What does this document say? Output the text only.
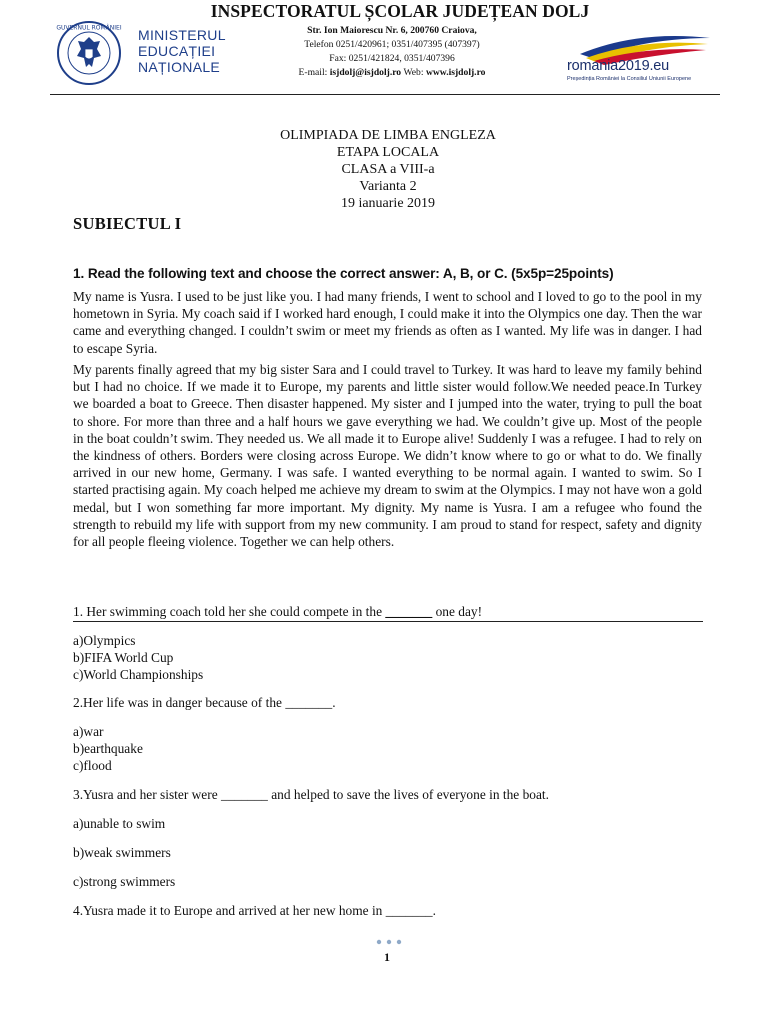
INSPECTORATUL ȘCOLAR JUDEȚEAN DOLJ
GUVERNUL ROMÂNIEI MINISTERUL
EDUCAȚIEI
NAȚIONALE
Str. Ion Maiorescu Nr. 6, 200760 Craiova,
Telefon 0251/420961; 0351/407395 (407397)
Fax: 0251/421824, 0351/407396
E-mail: isjdolj@isjdolj.ro Web: www.isjdolj.ro	romania2019.eu
Președinția României la Consiliul Uniunii Europene
OLIMPIADA DE LIMBA ENGLEZA
ETAPA LOCALA
CLASA a VIII-a
Varianta 2
19 ianuarie 2019
SUBIECTUL I
1. Read the following text and choose the correct answer: A, B, or C. (5x5p=25points)
My name is Yusra. I used to be just like you. I had many friends, I went to school and I loved to go to the pool in my hometown in Syria. My coach said if I worked hard enough, I could make it into the Olympics one day. Then the war came and everything changed. I couldn’t swim or meet my friends as often as I wanted. My life was in danger. I had to escape Syria.
My parents finally agreed that my big sister Sara and I could travel to Turkey. It was hard to leave my family behind but I had no choice. If we made it to Europe, my parents and little sister would follow.We needed peace.In Turkey we boarded a boat to Greece. Then disaster happened. My sister and I jumped into the water, trying to pull the boat to shore. For more than three and a half hours we gave everything we had. We couldn’t give up. Most of the people in the boat couldn’t swim. They needed us. We all made it to Europe alive! Suddenly I was a refugee. I had to rely on the kindness of others. Borders were closing across Europe. We didn’t know where to go or what to do. We finally arrived in our new home, Germany. I was safe. I wanted everything to be normal again. I wanted to swim. So I started practising again. My coach helped me achieve my dream to swim at the Olympics. I may not have won a gold medal, but I won something far more important. My dignity. My name is Yusra. I am a refugee who found the strength to rebuild my life with support from my new community. I am proud to stand for respect, safety and dignity for all people fleeing violence. Together we can help others.
1. Her swimming coach told her she could compete in the _______ one day!
a)Olympics
b)FIFA World Cup
c)World Championships
2.Her life was in danger because of the _______.
a)war
b)earthquake
c)flood
3.Yusra and her sister were _______ and helped to save the lives of everyone in the boat.
a)unable to swim
b)weak swimmers
c)strong swimmers
4.Yusra made it to Europe and arrived at her new home in _______.
1
